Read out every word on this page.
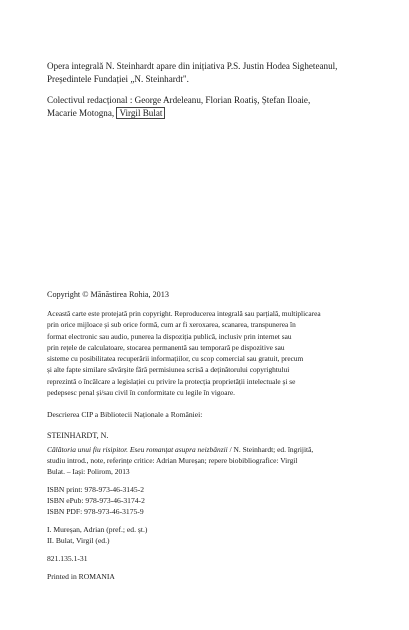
Opera integrală N. Steinhardt apare din inițiativa P.S. Justin Hodea Sigheteanul,
Președintele Fundației „N. Steinhardt".

Colectivul redacțional : George Ardeleanu, Florian Roatiș, Ștefan Iloaie,
Macarie Motogna, Virgil Bulat

Copyright © Mănăstirea Rohia, 2013

Această carte este protejată prin copyright. Reproducerea integrală sau parțială, multiplicarea
prin orice mijloace și sub orice formă, cum ar fi xeroxarea, scanarea, transpunerea în
format electronic sau audio, punerea la dispoziția publică, inclusiv prin internet sau
prin rețele de calculatoare, stocarea permanentă sau temporară pe dispozitive sau
sisteme cu posibilitatea recuperării informațiilor, cu scop comercial sau gratuit, precum
și alte fapte similare săvârșite fără permisiunea scrisă a deținătorului copyrightului
reprezintă o încălcare a legislației cu privire la protecția proprietății intelectuale și se
pedepsesc penal și/sau civil în conformitate cu legile în vigoare.

Descrierea CIP a Bibliotecii Naționale a României:

STEINHARDT, N.

Călătoria unui fiu risipitor. Eseu romanțat asupra neizbânzii / N. Steinhardt; ed. îngrijită,
studiu introd., note, referințe critice: Adrian Mureșan; repere biobibliografice: Virgil
Bulat. – Iași: Polirom, 2013

ISBN print: 978-973-46-3145-2
ISBN ePub: 978-973-46-3174-2
ISBN PDF: 978-973-46-3175-9

I. Mureșan, Adrian (pref.; ed. șt.)
II. Bulat, Virgil (ed.)

821.135.1-31

Printed in ROMANIA
